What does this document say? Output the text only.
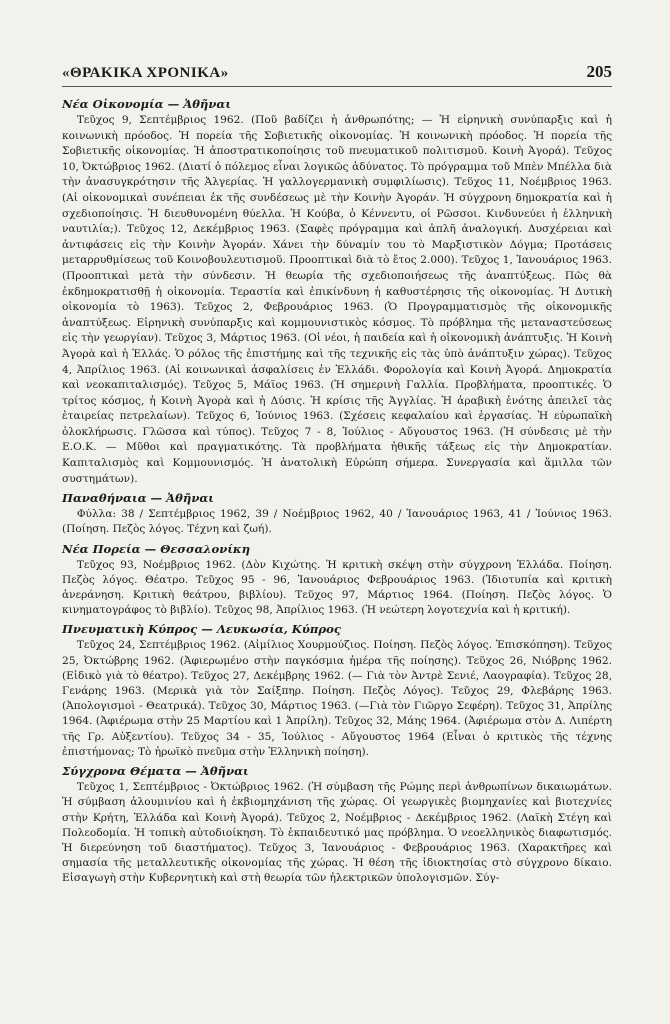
«ΘΡΑΚΙΚΑ ΧΡΟΝΙΚΑ»	205
Νέα Οἰκονομία — Ἀθῆναι

Τεῦχος 9, Σεπτέμβριος 1962. (Ποῦ βαδίζει ἡ ἀνθρωπότης; — Ἡ εἰρηνικὴ συνύπαρξις καὶ ἡ κοινωνικὴ πρόοδος. Ἡ πορεία τῆς Σοβιετικῆς οἰκονομίας. Ἡ κοινωνικὴ πρόοδος. Ἡ πορεία τῆς Σοβιετικῆς οἰκονομίας. Ἡ ἀποστρατικοποίησις τοῦ πνευματικοῦ πολιτισμοῦ. Κοινὴ Ἀγορά). Τεῦχος 10, Ὀκτώβριος 1962. (Διατί ὁ πόλεμος εἶναι λογικῶς ἀδύνατος. Τὸ πρόγραμμα τοῦ Μπὲν Μπέλλα διὰ τὴν ἀνασυγκρότησιν τῆς Ἀλγερίας. Ἡ γαλλογερμανικὴ συμφιλίωσις). Τεῦχος 11, Νοέμβριος 1963. (Αἱ οἰκονομικαὶ συνέπειαι ἐκ τῆς συνδέσεως μὲ τὴν Κοινὴν Ἀγοράν. Ἡ σύγχρονη δημοκρατία καὶ ἡ σχεδιοποίησις. Ἡ διευθυνομένη θύελλα. Ἡ Κούβα, ὁ Κέννεντυ, οἱ Ρῶσσοι. Κινδυνεύει ἡ ἑλληνικὴ ναυτιλία;). Τεῦχος 12, Δεκέμβριος 1963. (Σαφὲς πρόγραμμα καὶ ἁπλῆ ἀναλογική. Δυσχέρειαι καὶ ἀντιφάσεις εἰς τὴν Κοινὴν Ἀγοράν. Χάνει τὴν δύναμίν του τὸ Μαρξιστικὸν Δόγμα; Προτάσεις μεταρρυθμίσεως τοῦ Κοινοβουλευτισμοῦ. Προοπτικαὶ διὰ τὸ ἔτος 2.000). Τεῦχος 1, Ἰανουάριος 1963. (Προοπτικαὶ μετὰ τὴν σύνδεσιν. Ἡ θεωρία τῆς σχεδιοποιήσεως τῆς ἀναπτύξεως. Πῶς θὰ ἐκδημοκρατισθῇ ἡ οἰκονομία. Τεραστία καὶ ἐπικίνδυνη ἡ καθυστέρησις τῆς οἰκονομίας. Ἡ Δυτικὴ οἰκονομία τὸ 1963). Τεῦχος 2, Φεβρουάριος 1963. (Ὁ Προγραμματισμὸς τῆς οἰκονομικῆς ἀναπτύξεως. Εἰρηνικὴ συνύπαρξις καὶ κομμουνιστικὸς κόσμος. Τὸ πρόβλημα τῆς μεταναστεύσεως εἰς τὴν γεωργίαν). Τεῦχος 3, Μάρτιος 1963. (Οἱ νέοι, ἡ παιδεία καὶ ἡ οἰκονομικὴ ἀνάπτυξις. Ἡ Κοινὴ Ἀγορὰ καὶ ἡ Ἑλλάς. Ὁ ρόλος τῆς ἐπιστήμης καὶ τῆς τεχνικῆς εἰς τὰς ὑπὸ ἀνάπτυξιν χώρας). Τεῦχος 4, Ἀπρίλιος 1963. (Αἱ κοινωνικαὶ ἀσφαλίσεις ἐν Ἑλλάδι. Φορολογία καὶ Κοινὴ Ἀγορά. Δημοκρατία καὶ νεοκαπιταλισμός). Τεῦχος 5, Μάϊος 1963. (Ἡ σημερινὴ Γαλλία. Προβλήματα, προοπτικές. Ὁ τρίτος κόσμος, ἡ Κοινὴ Ἀγορὰ καὶ ἡ Δύσις. Ἡ κρίσις τῆς Ἀγγλίας. Ἡ ἀραβικὴ ἑνότης ἀπειλεῖ τὰς ἑταιρείας πετρελαίων). Τεῦχος 6, Ἰούνιος 1963. (Σχέσεις κεφαλαίου καὶ ἐργασίας. Ἡ εὐρωπαϊκὴ ὁλοκλήρωσις. Γλῶσσα καὶ τύπος). Τεῦχος 7 - 8, Ἰούλιος - Αὔγουστος 1963. (Ἡ σύνδεσις μὲ τὴν Ε.Ο.Κ. — Μῦθοι καὶ πραγματικότης. Τὰ προβλήματα ἠθικῆς τάξεως εἰς τὴν Δημοκρατίαν. Καπιταλισμὸς καὶ Κομμουνισμός. Ἡ ἀνατολικὴ Εὐρώπη σήμερα. Συνεργασία καὶ ἅμιλλα τῶν συστημάτων).

Παναθήναια — Ἀθῆναι

Φύλλα: 38 / Σεπτέμβριος 1962, 39 / Νοέμβριος 1962, 40 / Ἰανουάριος 1963, 41 / Ἰούνιος 1963. (Ποίηση. Πεζὸς λόγος. Τέχνη καὶ ζωή).

Νέα Πορεία — Θεσσαλονίκη

Τεῦχος 93, Νοέμβριος 1962. (Δὸν Κιχώτης. Ἡ κριτικὴ σκέψη στὴν σύγχρονη Ἑλλάδα. Ποίηση. Πεζὸς λόγος. Θέατρο. Τεῦχος 95 - 96, Ἰανουάριος Φεβρουάριος 1963. (Ἰδιοτυπία καὶ κριτικὴ ἀνεράνηση. Κριτικὴ θεάτρου, βιβλίου). Τεῦχος 97, Μάρτιος 1964. (Ποίηση. Πεζὸς λόγος. Ὁ κινηματογράφος τὸ βιβλίο). Τεῦχος 98, Ἀπρίλιος 1963. (Ἡ νεώτερη λογοτεχνία καὶ ἡ κριτική).

Πνευματικὴ Κύπρος — Λευκωσία, Κύπρος

Τεῦχος 24, Σεπτέμβριος 1962. (Αἰμίλιος Χουρμούζιος. Ποίηση. Πεζὸς λόγος. Ἐπισκόπηση). Τεῦχος 25, Ὀκτώβρης 1962. (Ἀφιερωμένο στὴν παγκόσμια ἡμέρα τῆς ποίησης). Τεῦχος 26, Νιόβρης 1962. (Εἰδικὸ γιὰ τὸ θέατρο). Τεῦχος 27, Δεκέμβρης 1962. (— Γιὰ τὸν Ἀντρὲ Σενιέ, Λαογραφία). Τεῦχος 28, Γενάρης 1963. (Μερικὰ γιὰ τὸν Σαίξπηρ. Ποίηση. Πεζὸς Λόγος). Τεῦχος 29, Φλεβάρης 1963. (Ἀπολογισμοὶ - Θεατρικά). Τεῦχος 30, Μάρτιος 1963. (—Γιὰ τὸν Γιῶργο Σεφέρη). Τεῦχος 31, Ἀπρίλης 1964. (Ἀφιέρωμα στὴν 25 Μαρτίου καὶ 1 Ἀπρίλη). Τεῦχος 32, Μάης 1964. (Ἀφιέρωμα στὸν Δ. Λιπέρτη τῆς Γρ. Αὐξεντίου). Τεῦχος 34 - 35, Ἰούλιος - Αὔγουστος 1964 (Εἶναι ὁ κριτικὸς τῆς τέχνης ἐπιστήμονας; Τὸ ἡρωϊκὸ πνεῦμα στὴν Ἑλληνικὴ ποίηση).

Σύγχρονα Θέματα — Ἀθῆναι

Τεῦχος 1, Σεπτέμβριος - Ὀκτώβριος 1962. (Ἡ σύμβαση τῆς Ρώμης περὶ ἀνθρωπίνων δικαιωμάτων. Ἡ σύμβαση ἀλουμινίου καὶ ἡ ἐκβιομηχάνιση τῆς χώρας. Οἱ γεωργικὲς βιομηχανίες καὶ βιοτεχνίες στὴν Κρήτη, Ἑλλάδα καὶ Κοινὴ Ἀγορά). Τεῦχος 2, Νοέμβριος - Δεκέμβριος 1962. (Λαϊκὴ Στέγη καὶ Πολεοδομία. Ἡ τοπικὴ αὐτοδιοίκηση. Τὸ ἐκπαιδευτικό μας πρόβλημα. Ὁ νεοελληνικὸς διαφωτισμός. Ἡ διερεύνηση τοῦ διαστήματος). Τεῦχος 3, Ἰανουάριος - Φεβρουάριος 1963. (Χαρακτῆρες καὶ σημασία τῆς μεταλλευτικῆς οἰκονομίας τῆς χώρας. Ἡ θέση τῆς ἰδιοκτησίας στὸ σύγχρονο δίκαιο. Εἰσαγωγὴ στὴν Κυβερνητικὴ καὶ στὴ θεωρία τῶν ἠλεκτρικῶν ὑπολογισμῶν. Σύγ-
